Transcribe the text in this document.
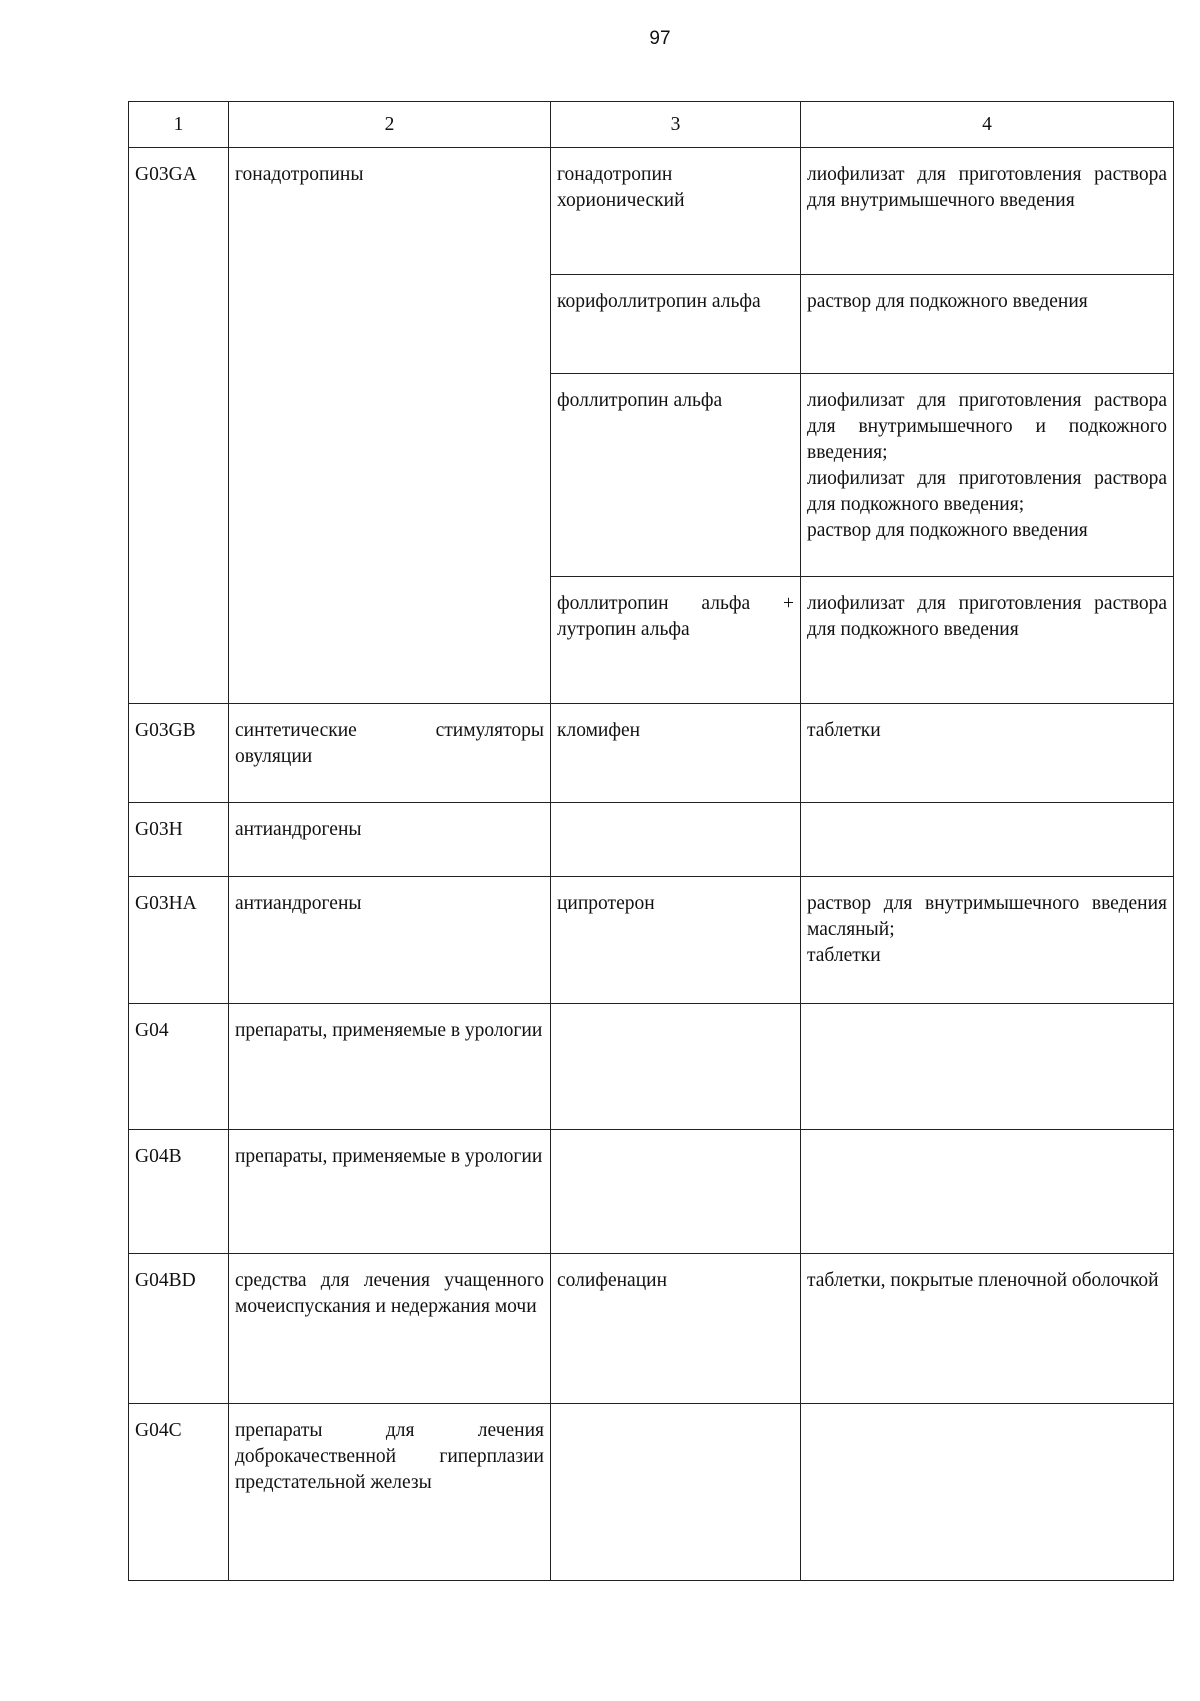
97
1	2	3	4
G03GA	гонадотропины	гонадотропин хорионический	лиофилизат для приготовления раствора для внутримышечного введения
		корифоллитропин альфа	раствор для подкожного введения
		фоллитропин альфа	лиофилизат для приготовления раствора для внутримышечного и подкожного введения;
лиофилизат для приготовления раствора для подкожного введения;
раствор для подкожного введения

		фоллитропин альфа + лутропин альфа	лиофилизат для приготовления раствора для подкожного введения
G03GB	синтетические стимуляторы овуляции	кломифен	таблетки
G03H	антиандрогены		
G03HA	антиандрогены	ципротерон	раствор для внутримышечного введения масляный;
таблетки

G04	препараты, применяемые в урологии		
G04B	препараты, применяемые в урологии		
G04BD	средства для лечения учащенного мочеиспускания и недержания мочи	солифенацин	таблетки, покрытые пленочной оболочкой
G04C	препараты для лечения доброкачественной гиперплазии предстательной железы		
